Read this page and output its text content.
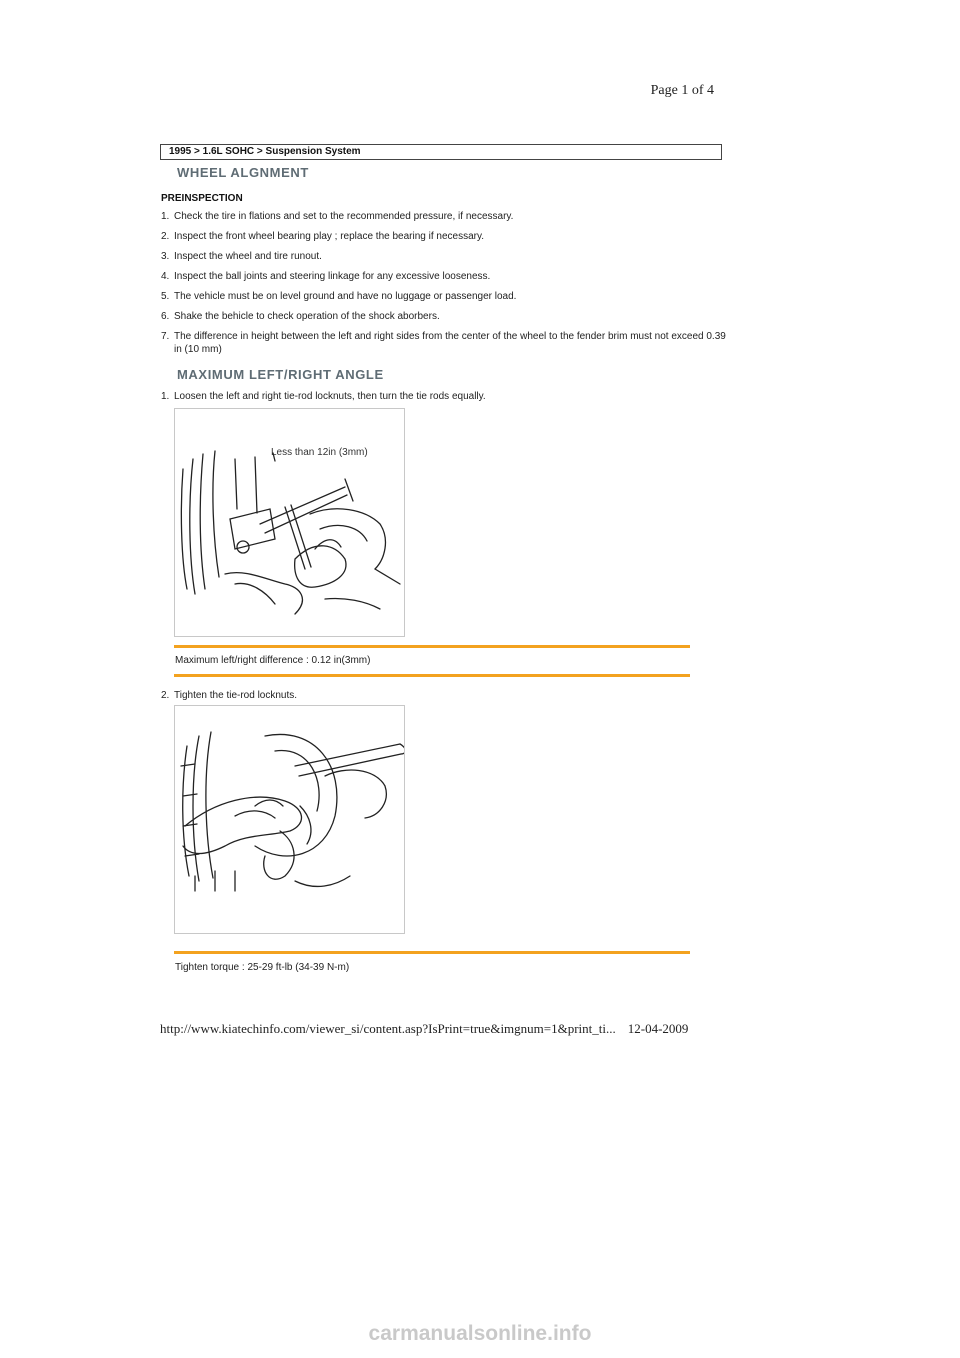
Page 1 of 4
1995 > 1.6L SOHC > Suspension System
WHEEL ALGNMENT
PREINSPECTION
1. Check the tire in flations and set to the recommended pressure, if necessary.
2. Inspect the front wheel bearing play ; replace the bearing if necessary.
3. Inspect the wheel and tire runout.
4. Inspect the ball joints and steering linkage for any excessive looseness.
5. The vehicle must be on level ground and have no luggage or passenger load.
6. Shake the behicle to check operation of the shock aborbers.
7. The difference in height between the left and right sides from the center of the wheel to the fender brim must not exceed 0.39 in (10 mm)
MAXIMUM LEFT/RIGHT ANGLE
1. Loosen the left and right tie-rod locknuts, then turn the tie rods equally.
Less than 12in (3mm)
Maximum left/right difference : 0.12 in(3mm)
2. Tighten the tie-rod locknuts.
Tighten torque : 25-29 ft-lb (34-39 N-m)
http://www.kiatechinfo.com/viewer_si/content.asp?IsPrint=true&imgnum=1&print_ti... 12-04-2009
carmanualsonline.info
